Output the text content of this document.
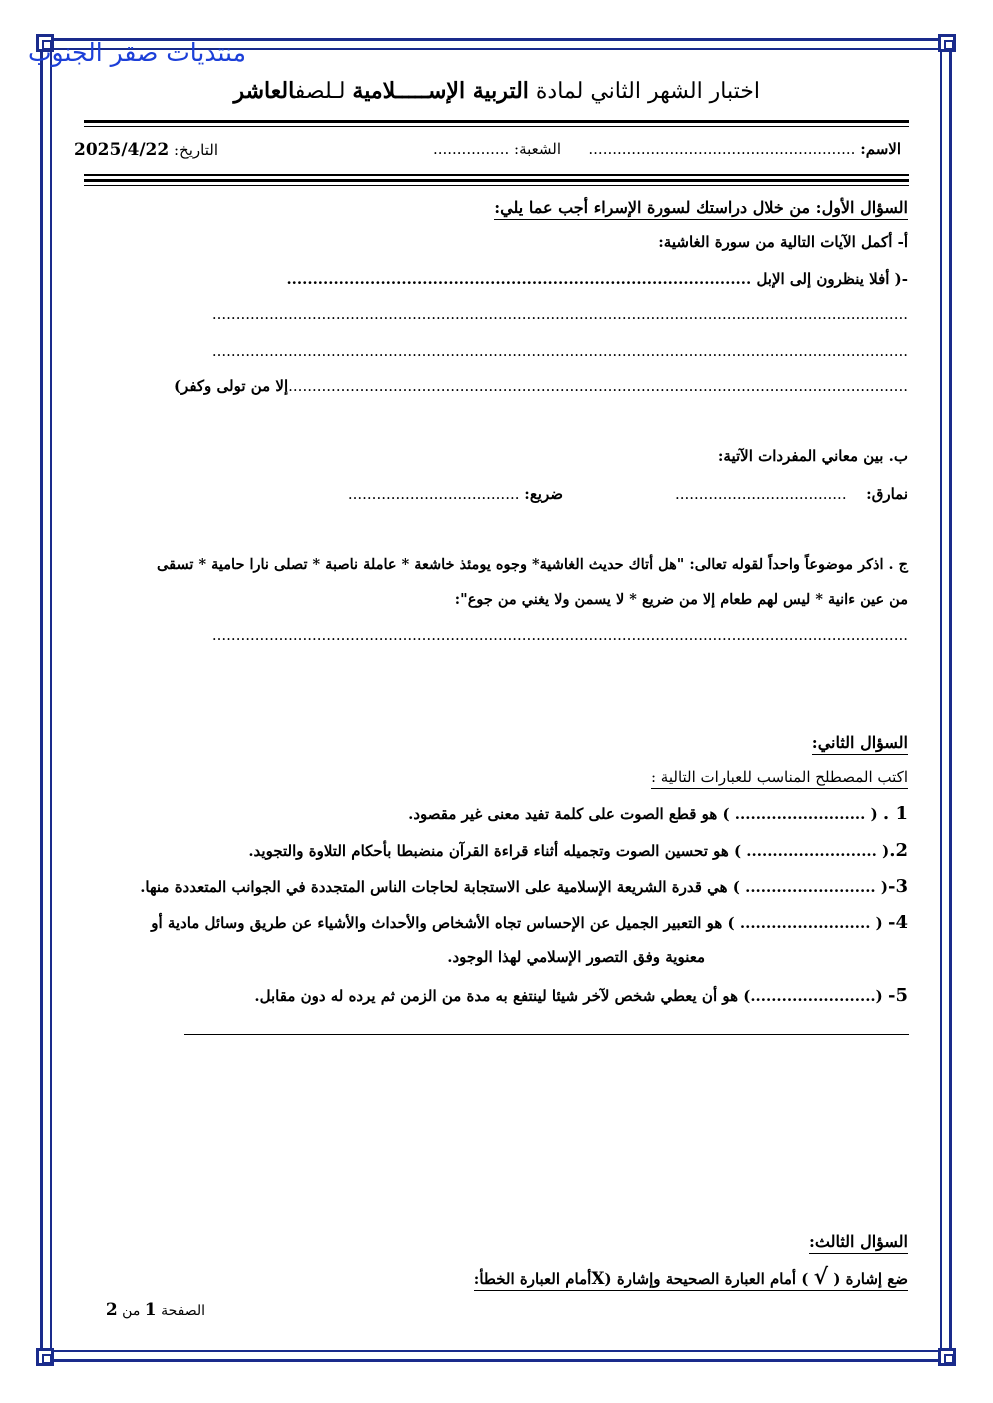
منتديات صقر الجنوب
اختبار الشهر الثاني لمادة التربية الإســـــلامية لـلصفالعاشر
الاسم: ........................................................
الشعبة: ................
التاريخ: 2025/4/22
السؤال الأول: من خلال دراستك لسورة الإسراء أجب عما يلي:
أ- أكمل الآيات التالية من سورة الغاشية:
-( أفلا ينظرون إلى الإبل .........................................................................................
..................................................................................................................................................
..................................................................................................................................................
..................................................................................................................................إلا من تولى وكفر)
ب. بين معاني المفردات الآتية:
نمارق:  ....................................
ضريع: ....................................
ج . اذكر موضوعاً واحداً لقوله تعالى: "هل أتاك حديث الغاشية* وجوه يومئذ خاشعة * عاملة ناصبة * تصلى نارا حامية * تسقى
من عين ءانية * ليس لهم طعام إلا من ضريع * لا يسمن ولا يغني من جوع":
..................................................................................................................................................
السؤال الثاني:
اكتب المصطلح المناسب للعبارات التالية :
1 . ( ......................... ) هو قطع الصوت على كلمة تفيد معنى غير مقصود.
2.( ......................... ) هو تحسين الصوت وتجميله أثناء قراءة القرآن منضبطا بأحكام التلاوة والتجويد.
3-( ......................... ) هي قدرة الشريعة الإسلامية على الاستجابة لحاجات الناس المتجددة في الجوانب المتعددة منها.
4- ( ......................... ) هو التعبير الجميل عن الإحساس تجاه الأشخاص والأحداث والأشياء عن طريق وسائل مادية أو
معنوية وفق التصور الإسلامي لهذا الوجود.
5- (........................) هو أن يعطي شخص لآخر شيئا لينتفع به مدة من الزمن ثم يرده له دون مقابل.
السؤال الثالث:
ضع إشارة ( √ ) أمام العبارة الصحيحة وإشارة (Xأمام العبارة الخطأ:
الصفحة 1 من 2
